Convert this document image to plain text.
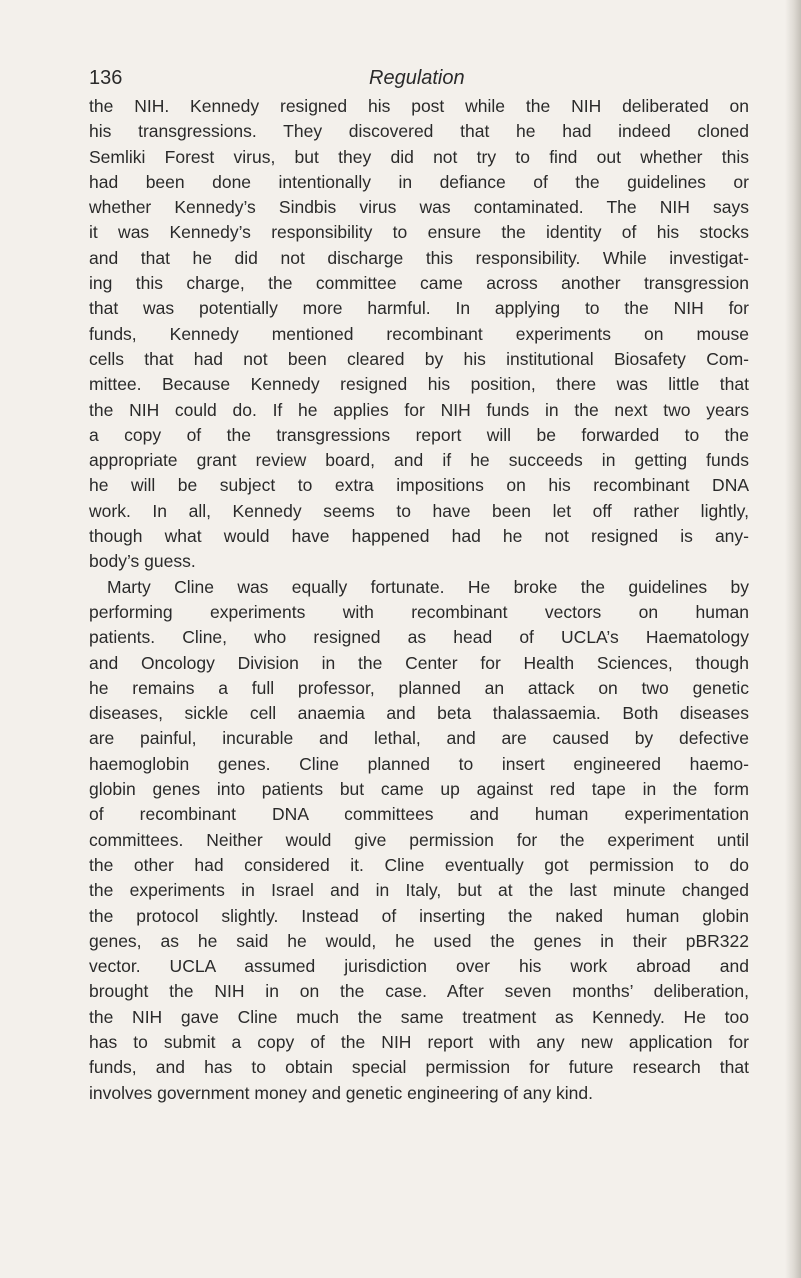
136	Regulation
the NIH. Kennedy resigned his post while the NIH deliberated on
his transgressions. They discovered that he had indeed cloned
Semliki Forest virus, but they did not try to find out whether this
had been done intentionally in defiance of the guidelines or
whether Kennedy’s Sindbis virus was contaminated. The NIH says
it was Kennedy’s responsibility to ensure the identity of his stocks
and that he did not discharge this responsibility. While investigat-
ing this charge, the committee came across another transgression
that was potentially more harmful. In applying to the NIH for
funds, Kennedy mentioned recombinant experiments on mouse
cells that had not been cleared by his institutional Biosafety Com-
mittee. Because Kennedy resigned his position, there was little that
the NIH could do. If he applies for NIH funds in the next two years
a copy of the transgressions report will be forwarded to the
appropriate grant review board, and if he succeeds in getting funds
he will be subject to extra impositions on his recombinant DNA
work. In all, Kennedy seems to have been let off rather lightly,
though what would have happened had he not resigned is any-
body’s guess.
Marty Cline was equally fortunate. He broke the guidelines by
performing experiments with recombinant vectors on human
patients. Cline, who resigned as head of UCLA’s Haematology
and Oncology Division in the Center for Health Sciences, though
he remains a full professor, planned an attack on two genetic
diseases, sickle cell anaemia and beta thalassaemia. Both diseases
are painful, incurable and lethal, and are caused by defective
haemoglobin genes. Cline planned to insert engineered haemo-
globin genes into patients but came up against red tape in the form
of recombinant DNA committees and human experimentation
committees. Neither would give permission for the experiment until
the other had considered it. Cline eventually got permission to do
the experiments in Israel and in Italy, but at the last minute changed
the protocol slightly. Instead of inserting the naked human globin
genes, as he said he would, he used the genes in their pBR322
vector. UCLA assumed jurisdiction over his work abroad and
brought the NIH in on the case. After seven months’ deliberation,
the NIH gave Cline much the same treatment as Kennedy. He too
has to submit a copy of the NIH report with any new application for
funds, and has to obtain special permission for future research that
involves government money and genetic engineering of any kind.
